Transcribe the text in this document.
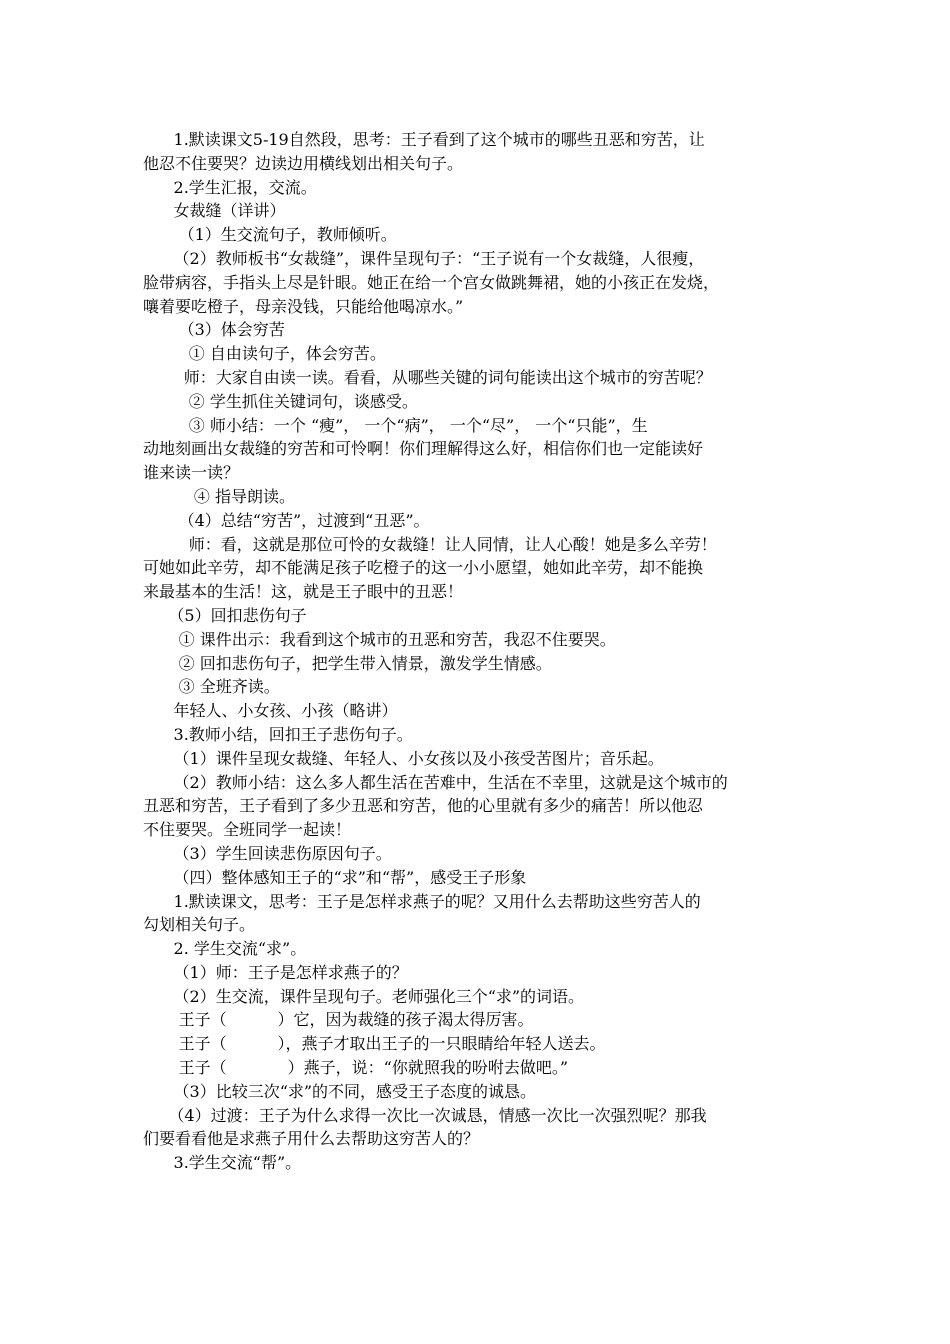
1.默读课文5-19自然段，思考：王子看到了这个城市的哪些丑恶和穷苦，让
他忍不住要哭？边读边用横线划出相关句子。
2.学生汇报，交流。
女裁缝（详讲）
（1）生交流句子，教师倾听。
（2）教师板书“女裁缝”，课件呈现句子：“王子说有一个女裁缝，人很瘦，
脸带病容，手指头上尽是针眼。她正在给一个宫女做跳舞裙，她的小孩正在发烧，
嚷着要吃橙子，母亲没钱，只能给他喝凉水。”
（3）体会穷苦
① 自由读句子，体会穷苦。
师：大家自由读一读。看看，从哪些关键的词句能读出这个城市的穷苦呢？
② 学生抓住关键词句，谈感受。
③ 师小结：一个 “瘦”， 一个“病”， 一个“尽”， 一个“只能”，生
动地刻画出女裁缝的穷苦和可怜啊！你们理解得这么好，相信你们也一定能读好
谁来读一读？
④ 指导朗读。
（4）总结“穷苦”，过渡到“丑恶”。
师：看，这就是那位可怜的女裁缝！让人同情，让人心酸！她是多么辛劳！
可她如此辛劳，却不能满足孩子吃橙子的这一小小愿望，她如此辛劳，却不能换
来最基本的生活！这，就是王子眼中的丑恶！
（5）回扣悲伤句子
① 课件出示：我看到这个城市的丑恶和穷苦，我忍不住要哭。
② 回扣悲伤句子，把学生带入情景，激发学生情感。
③ 全班齐读。
年轻人、小女孩、小孩（略讲）
3.教师小结，回扣王子悲伤句子。
（1）课件呈现女裁缝、年轻人、小女孩以及小孩受苦图片；音乐起。
（2）教师小结：这么多人都生活在苦难中，生活在不幸里，这就是这个城市的
丑恶和穷苦，王子看到了多少丑恶和穷苦，他的心里就有多少的痛苦！所以他忍
不住要哭。全班同学一起读！
（3）学生回读悲伤原因句子。
（四）整体感知王子的“求”和“帮”，感受王子形象
1.默读课文，思考：王子是怎样求燕子的呢？又用什么去帮助这些穷苦人的
勾划相关句子。
2. 学生交流“求”。
（1）师：王子是怎样求燕子的？
（2）生交流，课件呈现句子。老师强化三个“求”的词语。
王子（          ）它，因为裁缝的孩子渴太得厉害。
王子（          ），燕子才取出王子的一只眼睛给年轻人送去。
王子（            ）燕子，说：“你就照我的吩咐去做吧。”
（3）比较三次“求”的不同，感受王子态度的诚恳。
（4）过渡：王子为什么求得一次比一次诚恳，情感一次比一次强烈呢？那我
们要看看他是求燕子用什么去帮助这穷苦人的？
3.学生交流“帮”。
